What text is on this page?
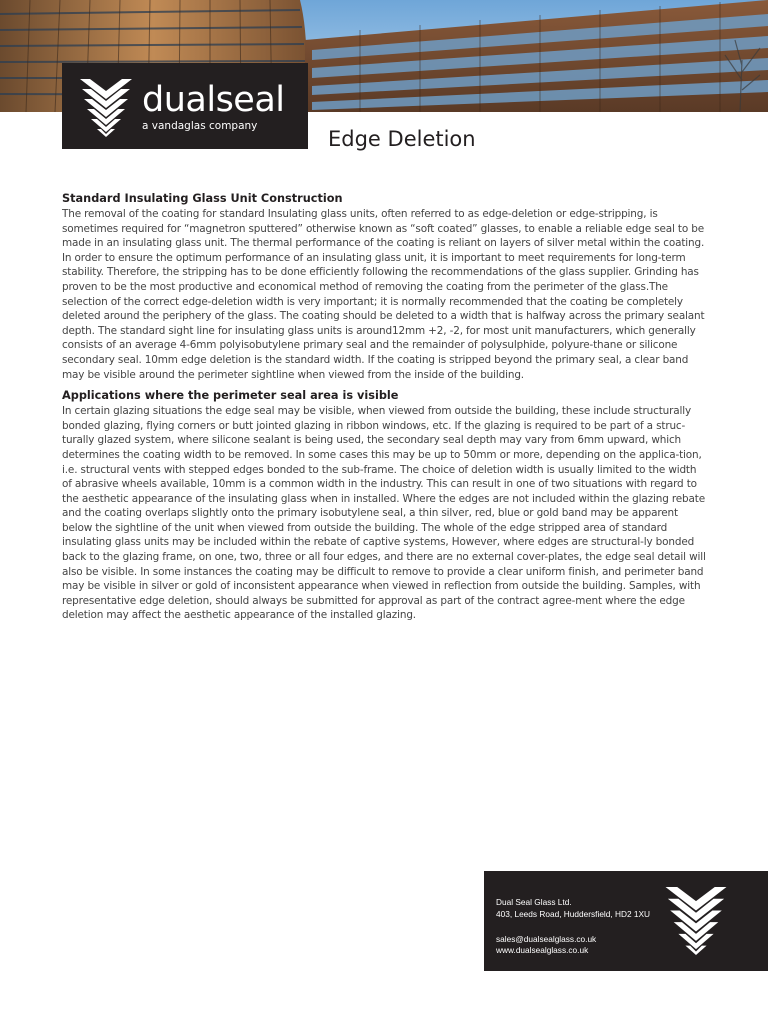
dualseal
a vandaglas company
Edge Deletion
Standard Insulating Glass Unit Construction

The removal of the coating for standard Insulating glass units, often referred to as edge-deletion or edge-stripping, is sometimes required for “magnetron sputtered” otherwise known as “soft coated” glasses, to enable a reliable edge seal to be made in an insulating glass unit. The thermal performance of the coating is reliant on layers of silver metal within the coating. In order to ensure the optimum performance of an insulating glass unit, it is important to meet requirements for long-term stability. Therefore, the stripping has to be done efficiently following the recommendations of the glass supplier. Grinding has proven to be the most productive and economical method of removing the coating from the perimeter of the glass.The selection of the correct edge-deletion width is very important; it is normally recommended that the coating be completely deleted around the periphery of the glass. The coating should be deleted to a width that is halfway across the primary sealant depth. The standard sight line for insulating glass units is around12mm +2, -2, for most unit manufacturers, which generally consists of an average 4-6mm polyisobutylene primary seal and the remainder of polysulphide, polyure-thane or silicone secondary seal. 10mm edge deletion is the standard width. If the coating is stripped beyond the primary seal, a clear band may be visible around the perimeter sightline when viewed from the inside of the building.

Applications where the perimeter seal area is visible

In certain glazing situations the edge seal may be visible, when viewed from outside the building, these include structurally bonded glazing, flying corners or butt jointed glazing in ribbon windows, etc. If the glazing is required to be part of a struc-turally glazed system, where silicone sealant is being used, the secondary seal depth may vary from 6mm upward, which determines the coating width to be removed. In some cases this may be up to 50mm or more, depending on the applica-tion, i.e. structural vents with stepped edges bonded to the sub-frame. The choice of deletion width is usually limited to the width of abrasive wheels available, 10mm is a common width in the industry. This can result in one of two situations with regard to the aesthetic appearance of the insulating glass when in installed. Where the edges are not included within the glazing rebate and the coating overlaps slightly onto the primary isobutylene seal, a thin silver, red, blue or gold band may be apparent below the sightline of the unit when viewed from outside the building. The whole of the edge stripped area of standard insulating glass units may be included within the rebate of captive systems, However, where edges are structural-ly bonded back to the glazing frame, on one, two, three or all four edges, and there are no external cover-plates, the edge seal detail will also be visible. In some instances the coating may be difficult to remove to provide a clear uniform finish, and perimeter band may be visible in silver or gold of inconsistent appearance when viewed in reflection from outside the building. Samples, with representative edge deletion, should always be submitted for approval as part of the contract agree-ment where the edge deletion may affect the aesthetic appearance of the installed glazing.

Dual Seal Glass Ltd.
403, Leeds Road, Huddersfield, HD2 1XU
sales@dualsealglass.co.uk
www.dualsealglass.co.uk
